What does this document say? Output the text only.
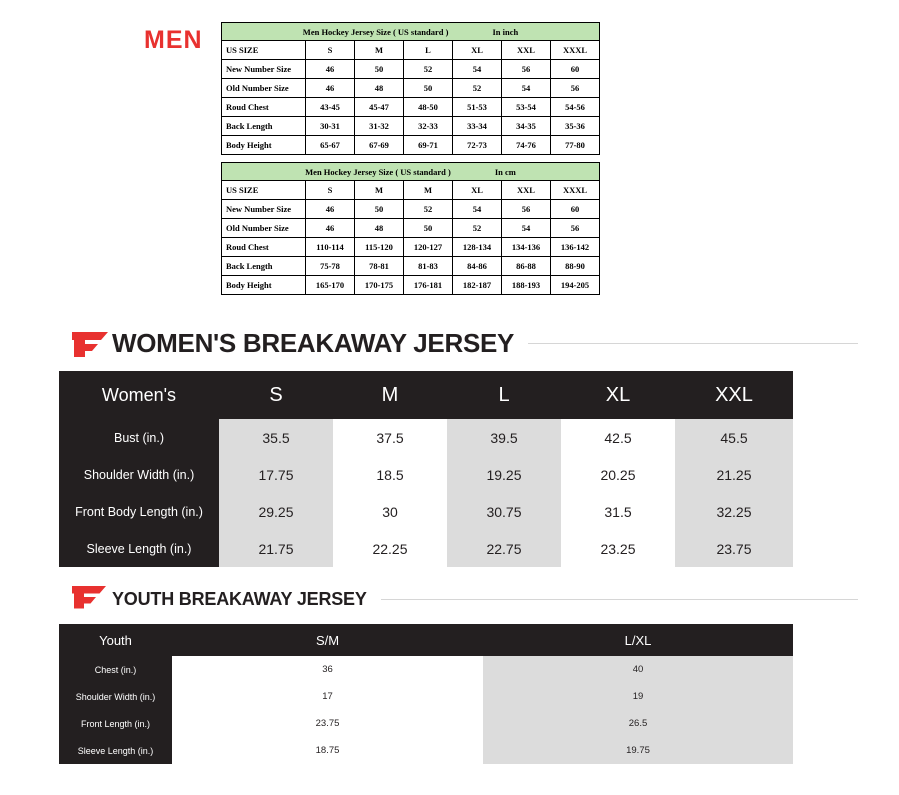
MEN	Men Hockey Jersey Size ( US standard ) In inch						

US SIZE	S	M	L	XL	XXL	XXXL
New Number Size	46	50	52	54	56	60
Old Number Size	46	48	50	52	54	56
Roud Chest	43-45	45-47	48-50	51-53	53-54	54-56
Back Length	30-31	31-32	32-33	33-34	34-35	35-36
Body Height	65-67	67-69	69-71	72-73	74-76	77-80
Men Hockey Jersey Size ( US standard ) In cm						

US SIZE	S	M	M	XL	XXL	XXXL
New Number Size	46	50	52	54	56	60
Old Number Size	46	48	50	52	54	56
Roud Chest	110-114	115-120	120-127	128-134	134-136	136-142
Back Length	75-78	78-81	81-83	84-86	86-88	88-90
Body Height	165-170	170-175	176-181	182-187	188-193	194-205
WOMEN'S BREAKAWAY JERSEY
Women's	S	M	L	XL	XXL
Bust (in.)	35.5	37.5	39.5	42.5	45.5
Shoulder Width (in.)	17.75	18.5	19.25	20.25	21.25
Front Body Length (in.)	29.25	30	30.75	31.5	32.25
Sleeve Length (in.)	21.75	22.25	22.75	23.25	23.75
YOUTH BREAKAWAY JERSEY
Youth	S/M	L/XL
Chest (in.)	36	40
Shoulder Width (in.)	17	19
Front Length (in.)	23.75	26.5
Sleeve Length (in.)	18.75	19.75
